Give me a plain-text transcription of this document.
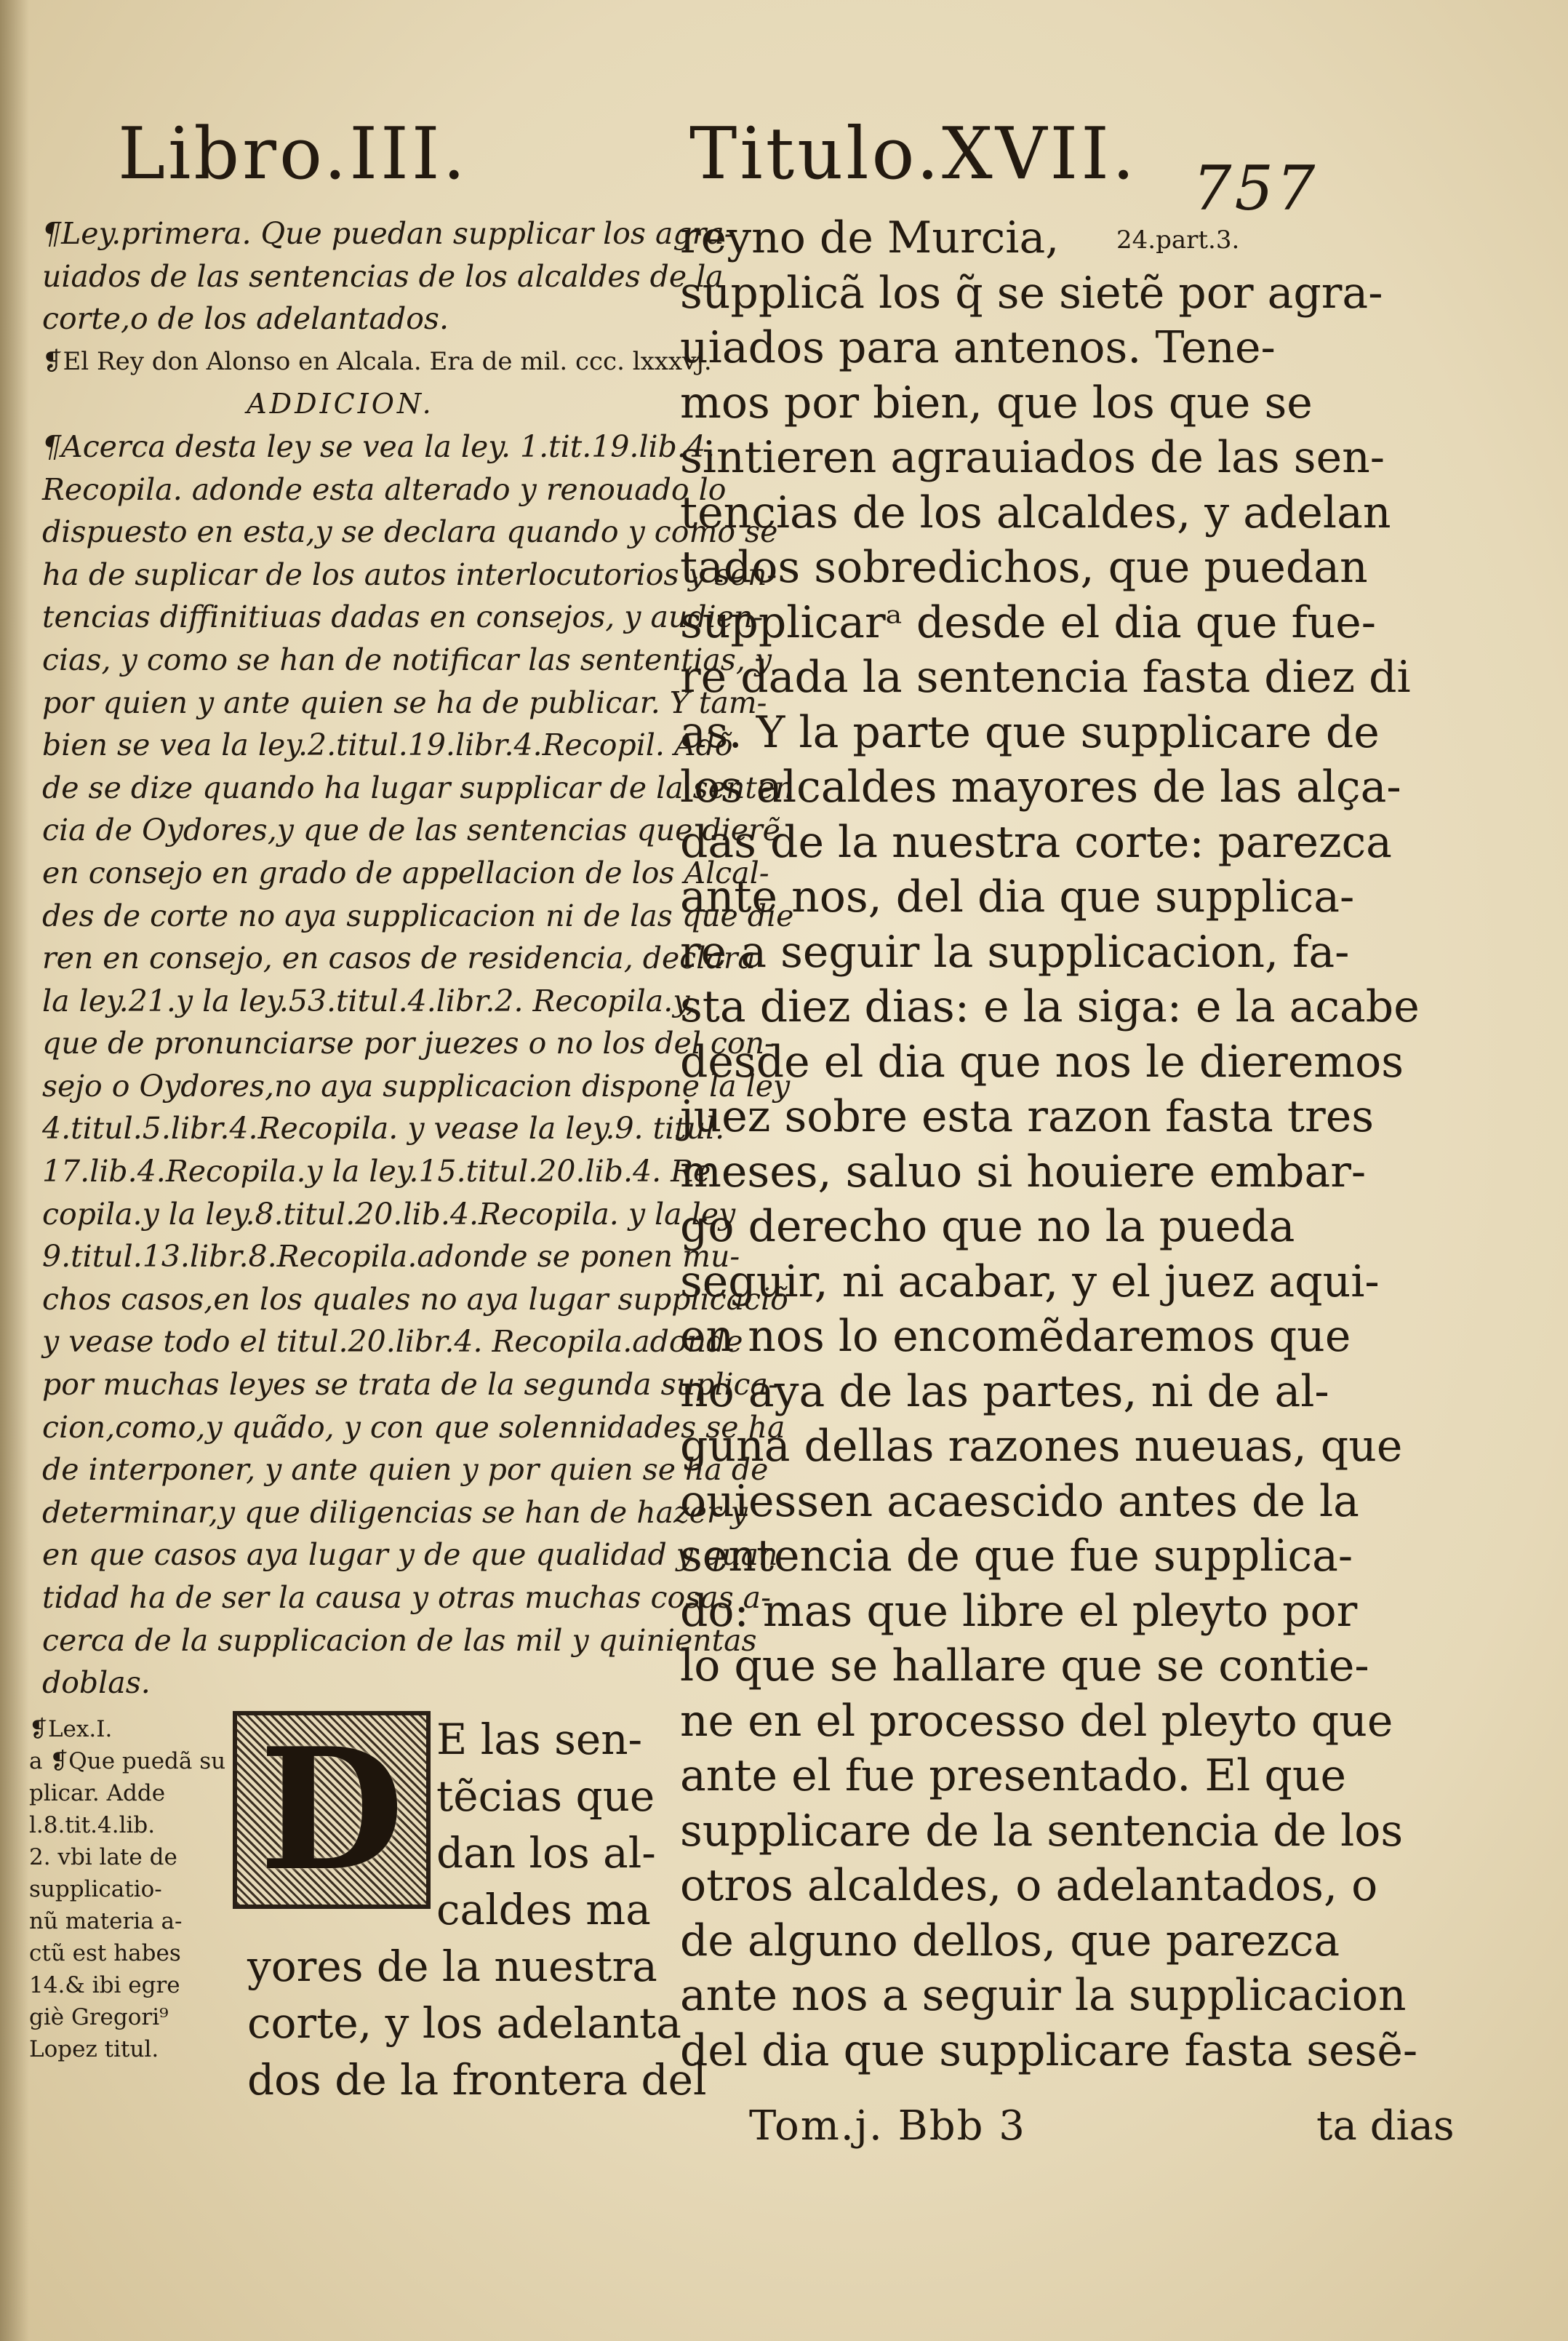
Libro.III.	Titulo.XVII. 757
¶Ley.primera. Que puedan supplicar los agra-
uiados de las sentencias de los alcaldes de la
corte,o de los adelantados.
❡El Rey don Alonso en Alcala. Era de mil. ccc. lxxxvj.
ADDICION.
¶Acerca desta ley se vea la ley. 1.tit.19.lib.4.
Recopila. adonde esta alterado y renouado lo
dispuesto en esta,y se declara quando y como se
ha de suplicar de los autos interlocutorios y sen-
tencias diffinitiuas dadas en consejos, y audien-
cias, y como se han de notificar las sententias, y
por quien y ante quien se ha de publicar. Y tam-
bien se vea la ley.2.titul.19.libr.4.Recopil. Adõ
de se dize quando ha lugar supplicar de la senten
cia de Oydores,y que de las sentencias que dierẽ
en consejo en grado de appellacion de los Alcal-
des de corte no aya supplicacion ni de las que die
ren en consejo, en casos de residencia, declara
la ley.21.y la ley.53.titul.4.libr.2. Recopila.y,
que de pronunciarse por juezes o no los del con-
sejo o Oydores,no aya supplicacion dispone la ley
4.titul.5.libr.4.Recopila. y vease la ley.9. titul.
17.lib.4.Recopila.y la ley.15.titul.20.lib.4. Re
copila.y la ley.8.titul.20.lib.4.Recopila. y la ley
9.titul.13.libr.8.Recopila.adonde se ponen mu-
chos casos,en los quales no aya lugar supplicaciõ
y vease todo el titul.20.libr.4. Recopila.adonde
por muchas leyes se trata de la segunda suplica-
cion,como,y quãdo, y con que solennidades se ha
de interponer, y ante quien y por quien se ha de
determinar,y que diligencias se han de hazer y
en que casos aya lugar y de que qualidad y quan
tidad ha de ser la causa y otras muchas cosas a-
cerca de la supplicacion de las mil y quinientas
doblas.
❡Lex.I.
a ❡Que puedã su
plicar. Adde
l.8.tit.4.lib.
2. vbi late de
supplicatio-
nũ materia a-
ctũ est habes
14.& ibi egre
giè Gregori⁹
Lopez titul.
D E las sen-
tẽcias que
dan los al-
caldes ma
yores de la nuestra
corte, y los adelanta
dos de la frontera del
24.part.3.
reyno de Murcia,
supplicã los q̃ se sietẽ por agra-
uiados para antenos. Tene-
mos por bien, que los que se
sintieren agrauiados de las sen-
tencias de los alcaldes, y adelan
tados sobredichos, que puedan
supplicarᵃ desde el dia que fue-
re dada la sentencia fasta diez di
as. Y la parte que supplicare de
los alcaldes mayores de las alça-
das de la nuestra corte: parezca
ante nos, del dia que supplica-
re a seguir la supplicacion, fa-
sta diez dias: e la siga: e la acabe
desde el dia que nos le dieremos
juez sobre esta razon fasta tres
meses, saluo si houiere embar-
go derecho que no la pueda
seguir, ni acabar, y el juez aqui-
en nos lo encomẽdaremos que
no aya de las partes, ni de al-
guna dellas razones nueuas, que
ouiessen acaescido antes de la
sentencia de que fue supplica-
do: mas que libre el pleyto por
lo que se hallare que se contie-
ne en el processo del pleyto que
ante el fue presentado. El que
supplicare de la sentencia de los
otros alcaldes, o adelantados, o
de alguno dellos, que parezca
ante nos a seguir la supplicacion
del dia que supplicare fasta sesẽ-
Tom.j. Bbb 3	ta dias
